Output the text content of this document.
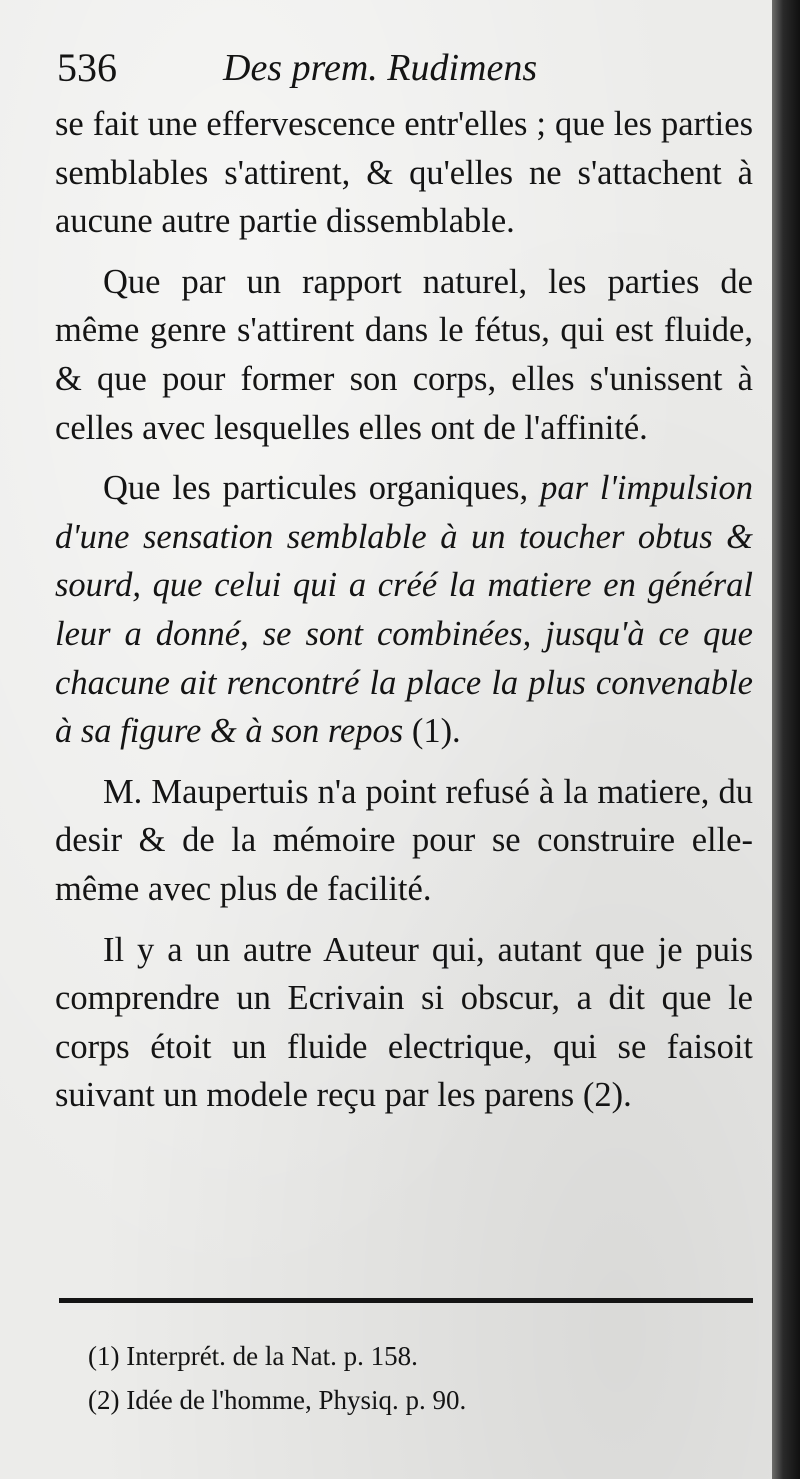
536	Des prem. Rudimens

se fait une effervescence entr'elles ; que les parties semblables s'attirent, & qu'elles ne s'attachent à aucune autre partie dissemblable.

Que par un rapport naturel, les parties de même genre s'attirent dans le fétus, qui est fluide, & que pour former son corps, elles s'unissent à celles avec lesquelles elles ont de l'affinité.

Que les particules organiques, par l'impulsion d'une sensation semblable à un toucher obtus & sourd, que celui qui a créé la matiere en général leur a donné, se sont combinées, jusqu'à ce que chacune ait rencontré la place la plus convenable à sa figure & à son repos (1).

M. Maupertuis n'a point refusé à la matiere, du desir & de la mémoire pour se construire elle-même avec plus de facilité.

Il y a un autre Auteur qui, autant que je puis comprendre un Ecrivain si obscur, a dit que le corps étoit un fluide electrique, qui se faisoit suivant un modele reçu par les parens (2).

(1) Interprét. de la Nat. p. 158.

(2) Idée de l'homme, Physiq. p. 90.
